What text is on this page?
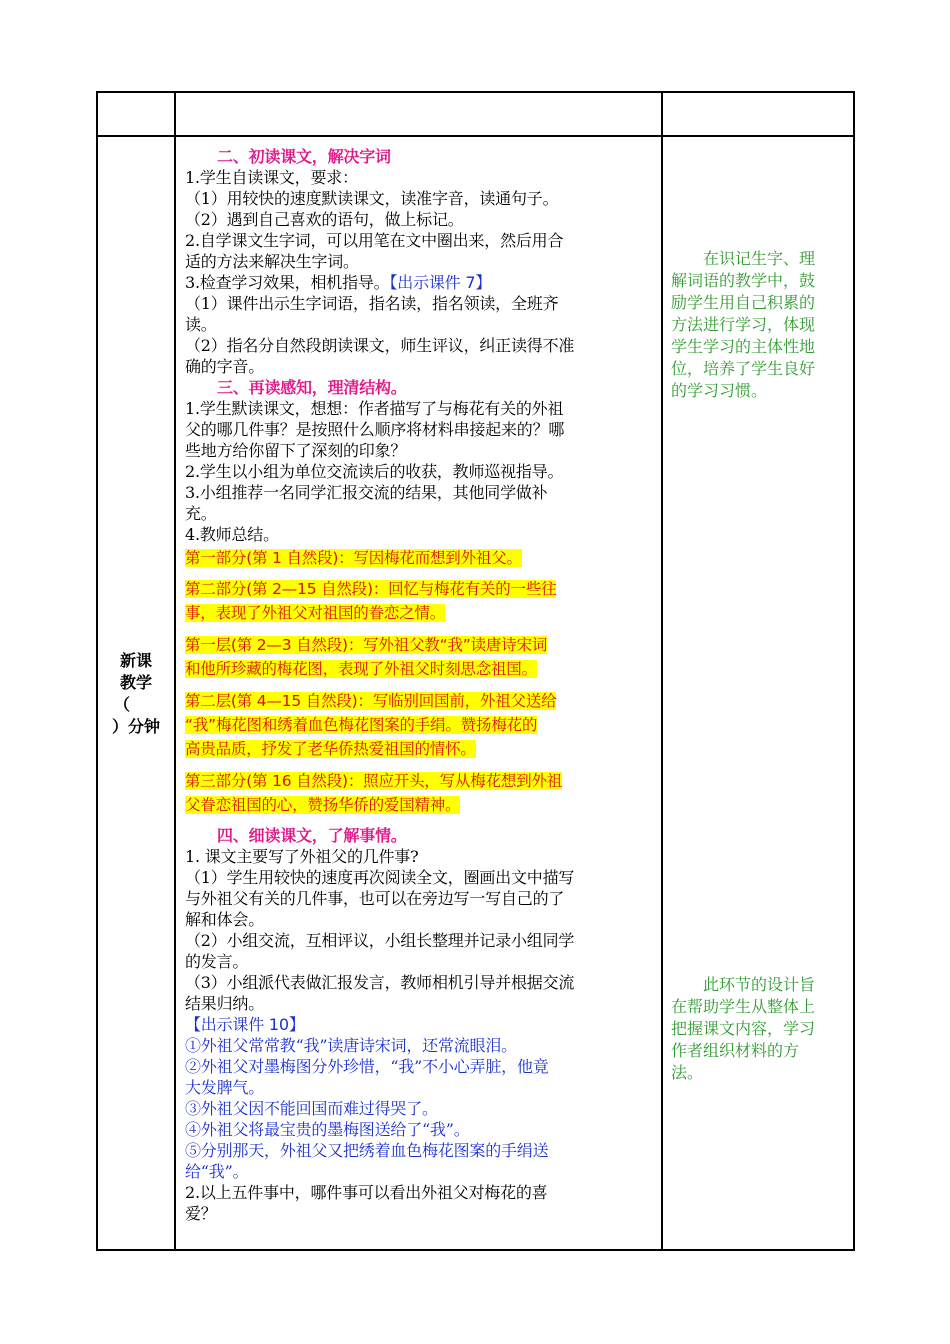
新课
教学
（
）分钟
二、初读课文，解决字词
1.学生自读课文，要求：
（1）用较快的速度默读课文，读准字音，读通句子。
（2）遇到自己喜欢的语句，做上标记。
2.自学课文生字词，可以用笔在文中圈出来，然后用合
适的方法来解决生字词。
3.检查学习效果，相机指导。【出示课件 7】
（1）课件出示生字词语，指名读，指名领读，全班齐
读。
（2）指名分自然段朗读课文，师生评议，纠正读得不准
确的字音。
三、再读感知，理清结构。
1.学生默读课文，想想：作者描写了与梅花有关的外祖
父的哪几件事？是按照什么顺序将材料串接起来的？哪
些地方给你留下了深刻的印象？
2.学生以小组为单位交流读后的收获，教师巡视指导。
3.小组推荐一名同学汇报交流的结果，其他同学做补
充。
4.教师总结。
第一部分(第 1 自然段)：写因梅花而想到外祖父。
第二部分(第 2—15 自然段)：回忆与梅花有关的一些往
事，表现了外祖父对祖国的眷恋之情。
第一层(第 2—3 自然段)：写外祖父教“我”读唐诗宋词
和他所珍藏的梅花图，表现了外祖父时刻思念祖国。
第二层(第 4—15 自然段)：写临别回国前，外祖父送给
“我”梅花图和绣着血色梅花图案的手绢。赞扬梅花的
高贵品质，抒发了老华侨热爱祖国的情怀。
第三部分(第 16 自然段)：照应开头，写从梅花想到外祖
父眷恋祖国的心，赞扬华侨的爱国精神。
四、细读课文，了解事情。
1. 课文主要写了外祖父的几件事?
（1）学生用较快的速度再次阅读全文，圈画出文中描写
与外祖父有关的几件事，也可以在旁边写一写自己的了
解和体会。
（2）小组交流，互相评议，小组长整理并记录小组同学
的发言。
（3）小组派代表做汇报发言，教师相机引导并根据交流
结果归纳。
【出示课件 10】
①外祖父常常教“我”读唐诗宋词，还常流眼泪。
②外祖父对墨梅图分外珍惜，“我”不小心弄脏，他竟
大发脾气。
③外祖父因不能回国而难过得哭了。
④外祖父将最宝贵的墨梅图送给了“我”。
⑤分别那天，外祖父又把绣着血色梅花图案的手绢送
给“我”。
2.以上五件事中，哪件事可以看出外祖父对梅花的喜
爱？
在识记生字、理
解词语的教学中，鼓
励学生用自己积累的
方法进行学习，体现
学生学习的主体性地
位，培养了学生良好
的学习习惯。
此环节的设计旨
在帮助学生从整体上
把握课文内容，学习
作者组织材料的方
法。
